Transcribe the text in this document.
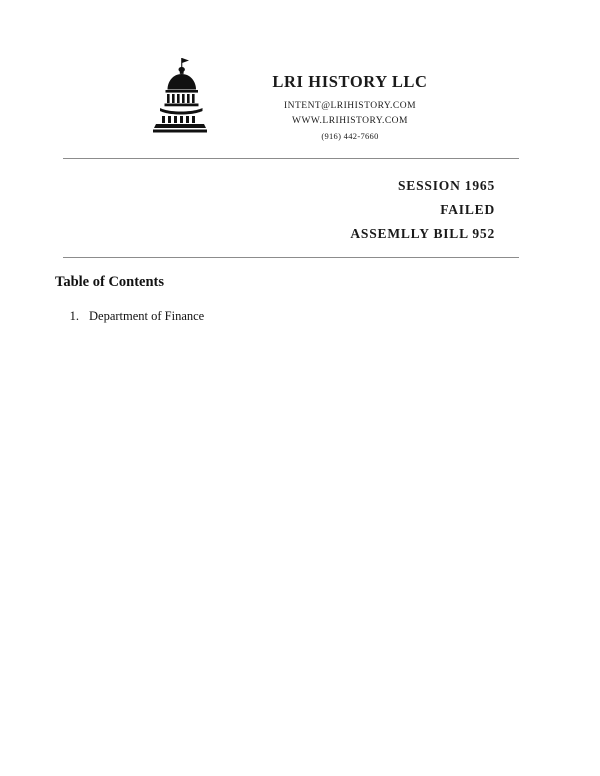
LRI HISTORY LLC
INTENT@LRIHISTORY.COM
WWW.LRIHISTORY.COM
(916) 442-7660
SESSION 1965
FAILED
ASSEMLLY BILL 952
Table of Contents
1. Department of Finance
